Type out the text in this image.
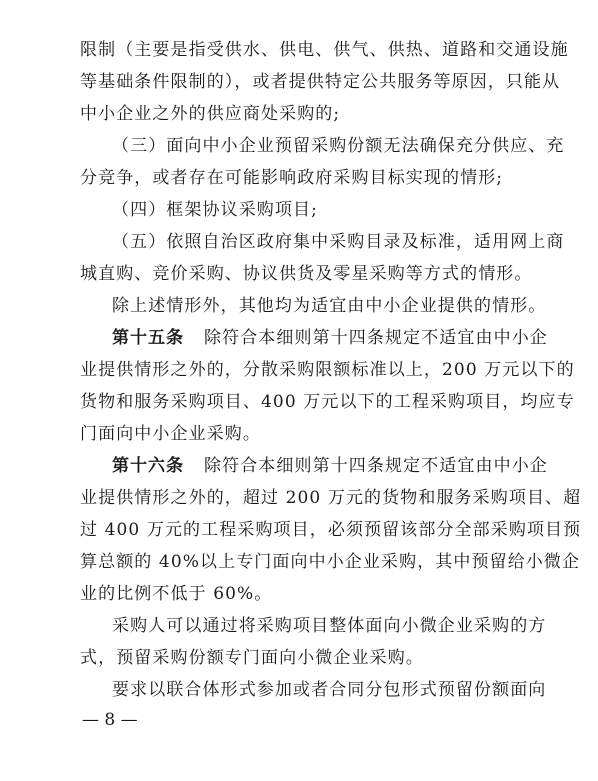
限制（主要是指受供水、供电、供气、供热、道路和交通设施
等基础条件限制的），或者提供特定公共服务等原因，只能从
中小企业之外的供应商处采购的;
（三）面向中小企业预留采购份额无法确保充分供应、充
分竞争，或者存在可能影响政府采购目标实现的情形;
（四）框架协议采购项目;
（五）依照自治区政府集中采购目录及标准，适用网上商
城直购、竞价采购、协议供货及零星采购等方式的情形。
除上述情形外，其他均为适宜由中小企业提供的情形。
第十五条 除符合本细则第十四条规定不适宜由中小企
业提供情形之外的，分散采购限额标准以上，200 万元以下的
货物和服务采购项目、400 万元以下的工程采购项目，均应专
门面向中小企业采购。
第十六条 除符合本细则第十四条规定不适宜由中小企
业提供情形之外的，超过 200 万元的货物和服务采购项目、超
过 400 万元的工程采购项目，必须预留该部分全部采购项目预
算总额的 40%以上专门面向中小企业采购，其中预留给小微企
业的比例不低于 60%。
采购人可以通过将采购项目整体面向小微企业采购的方
式，预留采购份额专门面向小微企业采购。
要求以联合体形式参加或者合同分包形式预留份额面向
— 8 —
